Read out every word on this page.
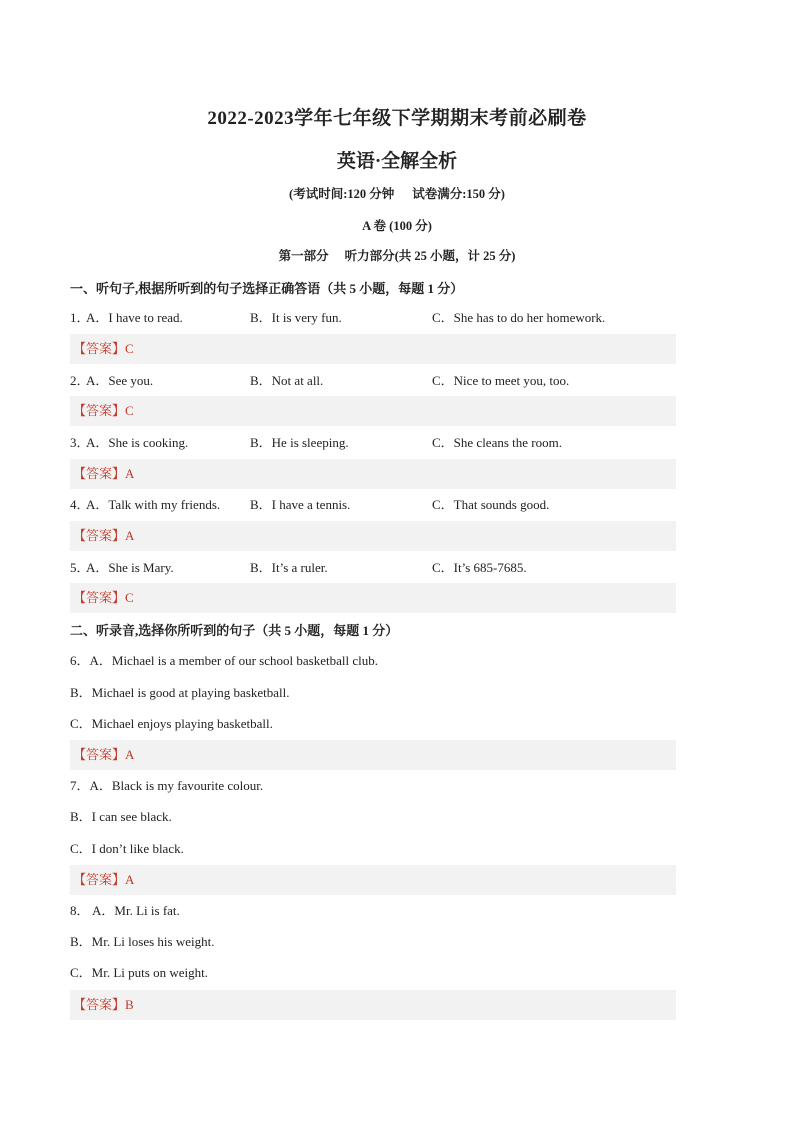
2022-2023学年七年级下学期期末考前必刷卷
英语·全解全析
(考试时间:120 分钟 试卷满分:150 分)
A 卷 (100 分)
第一部分 听力部分(共 25 小题，计 25 分)
一、听句子,根据所听到的句子选择正确答语（共 5 小题，每题 1 分）
1．
A．I have to read.	B．It is very fun.	C．She has to do her homework.
【答案】C
2．
A．See you.	B．Not at all.	C．Nice to meet you, too.
【答案】C
3．
A．She is cooking.	B．He is sleeping.	C．She cleans the room.
【答案】A
4．
A．Talk with my friends. B．I have a tennis.	C．That sounds good.
【答案】A
5．
A．She is Mary.	B．It’s a ruler.	C．It’s 685-7685.
【答案】C
二、听录音,选择你所听到的句子（共 5 小题，每题 1 分）
6．A．Michael is a member of our school basketball club.
B．Michael is good at playing basketball.
C．Michael enjoys playing basketball.
【答案】A
7．A．Black is my favourite colour.
B．I can see black.
C．I don’t like black.
【答案】A
8． A．Mr. Li is fat.
B．Mr. Li loses his weight.
C．Mr. Li puts on weight.
【答案】B
